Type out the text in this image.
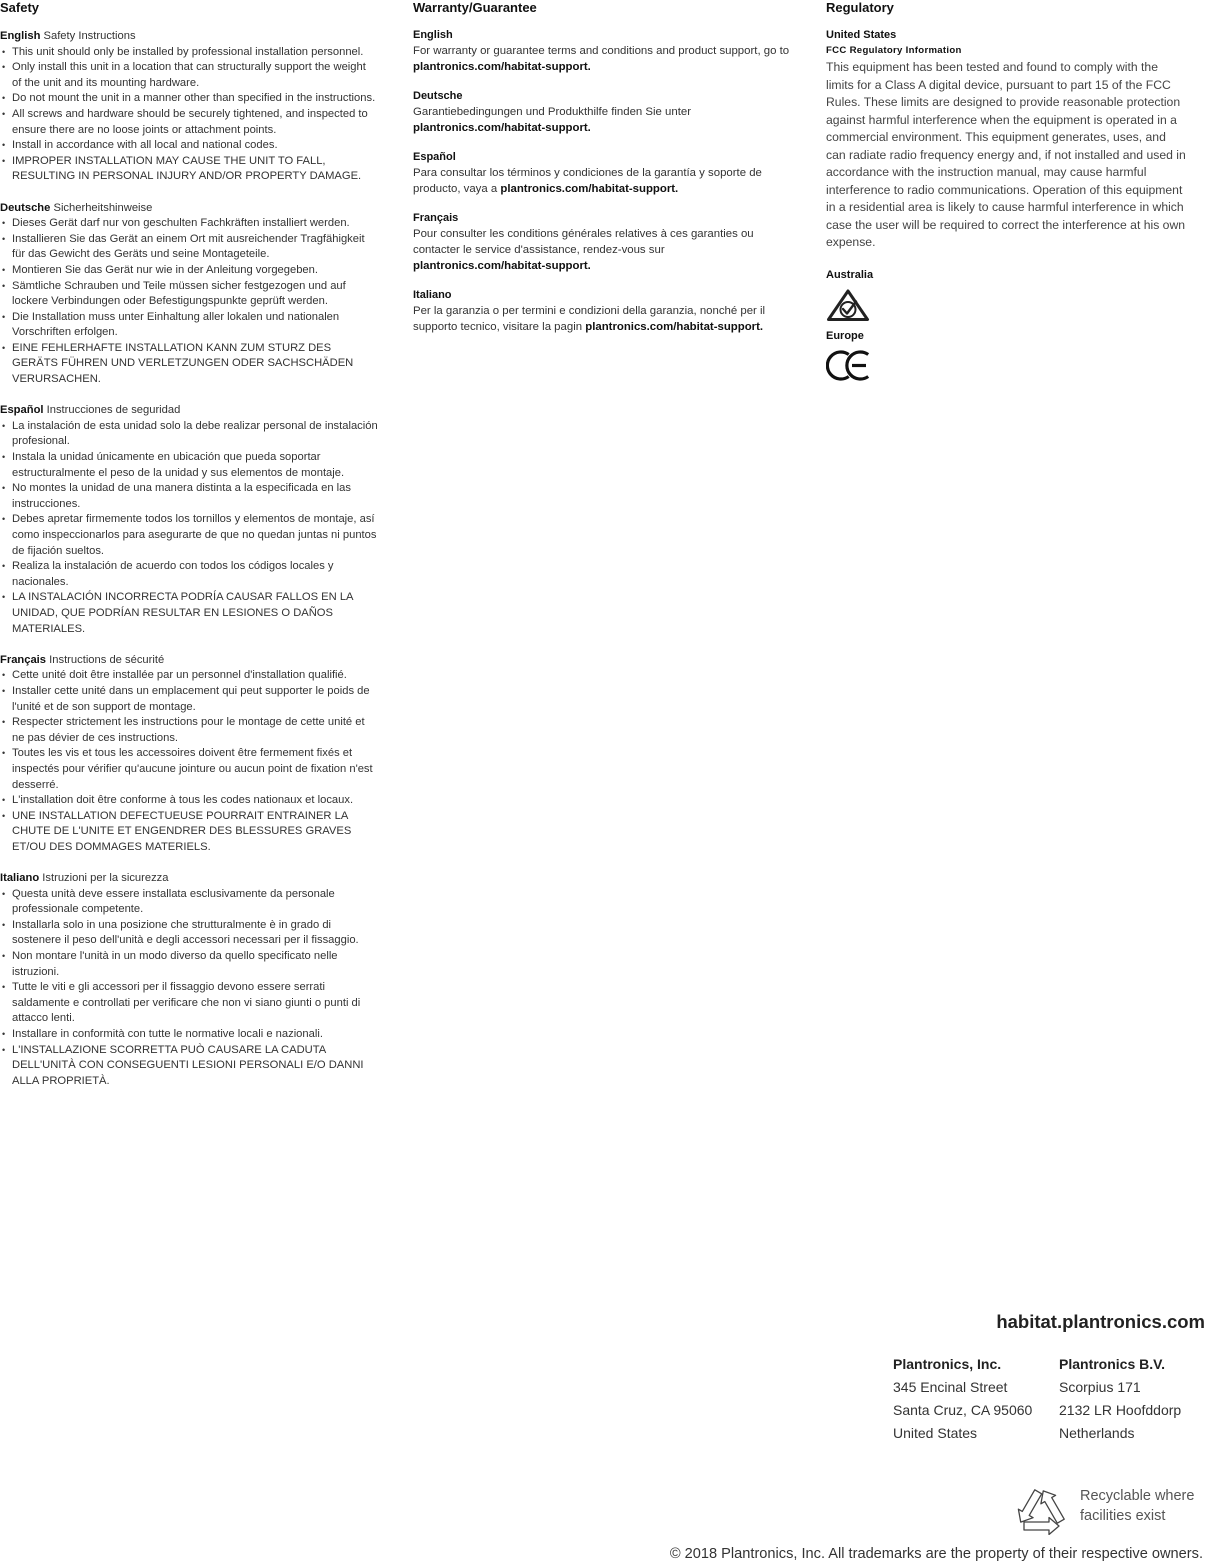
Safety
English Safety Instructions
• This unit should only be installed by professional installation personnel.
• Only install this unit in a location that can structurally support the weight of the unit and its mounting hardware.
• Do not mount the unit in a manner other than specified in the instructions.
• All screws and hardware should be securely tightened, and inspected to ensure there are no loose joints or attachment points.
• Install in accordance with all local and national codes.
• IMPROPER INSTALLATION MAY CAUSE THE UNIT TO FALL, RESULTING IN PERSONAL INJURY AND/OR PROPERTY DAMAGE.
Deutsche Sicherheitshinweise
• Dieses Gerät darf nur von geschulten Fachkräften installiert werden.
• Installieren Sie das Gerät an einem Ort mit ausreichender Tragfähigkeit für das Gewicht des Geräts und seine Montageteile.
• Montieren Sie das Gerät nur wie in der Anleitung vorgegeben.
• Sämtliche Schrauben und Teile müssen sicher festgezogen und auf lockere Verbindungen oder Befestigungspunkte geprüft werden.
• Die Installation muss unter Einhaltung aller lokalen und nationalen Vorschriften erfolgen.
• EINE FEHLERHAFTE INSTALLATION KANN ZUM STURZ DES GERÄTS FÜHREN UND VERLETZUNGEN ODER SACHSCHÄDEN VERURSACHEN.
Español Instrucciones de seguridad
• La instalación de esta unidad solo la debe realizar personal de instalación profesional.
• Instala la unidad únicamente en ubicación que pueda soportar estructuralmente el peso de la unidad y sus elementos de montaje.
• No montes la unidad de una manera distinta a la especificada en las instrucciones.
• Debes apretar firmemente todos los tornillos y elementos de montaje, así como inspeccionarlos para asegurarte de que no quedan juntas ni puntos de fijación sueltos.
• Realiza la instalación de acuerdo con todos los códigos locales y nacionales.
• LA INSTALACIÓN INCORRECTA PODRÍA CAUSAR FALLOS EN LA UNIDAD, QUE PODRÍAN RESULTAR EN LESIONES O DAÑOS MATERIALES.
Français Instructions de sécurité
• Cette unité doit être installée par un personnel d'installation qualifié.
• Installer cette unité dans un emplacement qui peut supporter le poids de l'unité et de son support de montage.
• Respecter strictement les instructions pour le montage de cette unité et ne pas dévier de ces instructions.
• Toutes les vis et tous les accessoires doivent être fermement fixés et inspectés pour vérifier qu'aucune jointure ou aucun point de fixation n'est desserré.
• L'installation doit être conforme à tous les codes nationaux et locaux.
• UNE INSTALLATION DEFECTUEUSE POURRAIT ENTRAINER LA CHUTE DE L'UNITE ET ENGENDRER DES BLESSURES GRAVES ET/OU DES DOMMAGES MATERIELS.
Italiano Istruzioni per la sicurezza
• Questa unità deve essere installata esclusivamente da personale professionale competente.
• Installarla solo in una posizione che strutturalmente è in grado di sostenere il peso dell'unità e degli accessori necessari per il fissaggio.
• Non montare l'unità in un modo diverso da quello specificato nelle istruzioni.
• Tutte le viti e gli accessori per il fissaggio devono essere serrati saldamente e controllati per verificare che non vi siano giunti o punti di attacco lenti.
• Installare in conformità con tutte le normative locali e nazionali.
• L'INSTALLAZIONE SCORRETTA PUÒ CAUSARE LA CADUTA DELL'UNITÀ CON CONSEGUENTI LESIONI PERSONALI E/O DANNI ALLA PROPRIETÀ.
Warranty/Guarantee
English

For warranty or guarantee terms and conditions and product support, go to plantronics.com/habitat-support.

Deutsche

Garantiebedingungen und Produkthilfe finden Sie unter plantronics.com/habitat-support.

Español

Para consultar los términos y condiciones de la garantía y soporte de producto, vaya a plantronics.com/habitat-support.

Français

Pour consulter les conditions générales relatives à ces garanties ou contacter le service d'assistance, rendez-vous sur plantronics.com/habitat-support.

Italiano

Per la garanzia o per termini e condizioni della garanzia, nonché per il supporto tecnico, visitare la pagin plantronics.com/habitat-support.

Regulatory
United States
FCC Regulatory Information

This equipment has been tested and found to comply with the limits for a Class A digital device, pursuant to part 15 of the FCC Rules. These limits are designed to provide reasonable protection against harmful interference when the equipment is operated in a commercial environment. This equipment generates, uses, and can radiate radio frequency energy and, if not installed and used in accordance with the instruction manual, may cause harmful interference to radio communications. Operation of this equipment in a residential area is likely to cause harmful interference in which case the user will be required to correct the interference at his own expense.

Australia
Europe
habitat.plantronics.com
Plantronics, Inc.
345 Encinal Street
Santa Cruz, CA 95060
United States
Plantronics B.V.
Scorpius 171
2132 LR Hoofddorp
Netherlands
Recyclable where
facilities exist
© 2018 Plantronics, Inc. All trademarks are the property of their respective owners.
